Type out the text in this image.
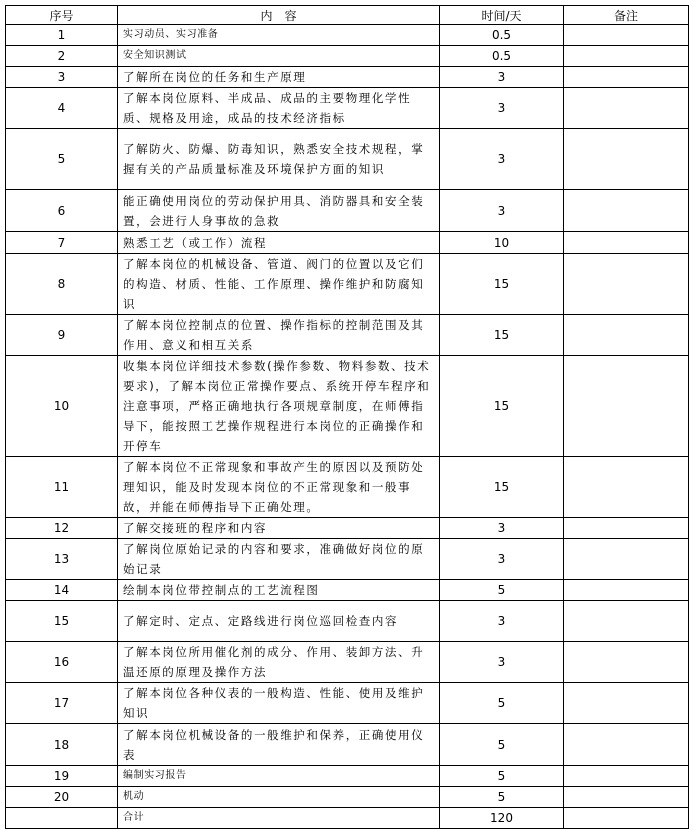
序号	内　容	时间/天	备注
1	实习动员、实习准备	0.5	
2	安全知识测试	0.5	
3	了解所在岗位的任务和生产原理	3	
4	了解本岗位原料、半成品、成品的主要物理化学性质、规格及用途，成品的技术经济指标	3	
5	了解防火、防爆、防毒知识，熟悉安全技术规程，掌握有关的产品质量标准及环境保护方面的知识	3	
6	能正确使用岗位的劳动保护用具、消防器具和安全装置，会进行人身事故的急救	3	
7	熟悉工艺（或工作）流程	10	
8	了解本岗位的机械设备、管道、阀门的位置以及它们的构造、材质、性能、工作原理、操作维护和防腐知识	15	
9	了解本岗位控制点的位置、操作指标的控制范围及其作用、意义和相互关系	15	
10	收集本岗位详细技术参数(操作参数、物料参数、技术要求)，了解本岗位正常操作要点、系统开停车程序和注意事项，严格正确地执行各项规章制度，在师傅指导下，能按照工艺操作规程进行本岗位的正确操作和开停车	15	
11	了解本岗位不正常现象和事故产生的原因以及预防处理知识，能及时发现本岗位的不正常现象和一般事故，并能在师傅指导下正确处理。	15	
12	了解交接班的程序和内容	3	
13	了解岗位原始记录的内容和要求，准确做好岗位的原始记录	3	
14	绘制本岗位带控制点的工艺流程图	5	
15	了解定时、定点、定路线进行岗位巡回检查内容	3	
16	了解本岗位所用催化剂的成分、作用、装卸方法、升温还原的原理及操作方法	3	
17	了解本岗位各种仪表的一般构造、性能、使用及维护知识	5	
18	了解本岗位机械设备的一般维护和保养，正确使用仪表	5	
19	编制实习报告	5	
20	机动	5	
	合计	120	
